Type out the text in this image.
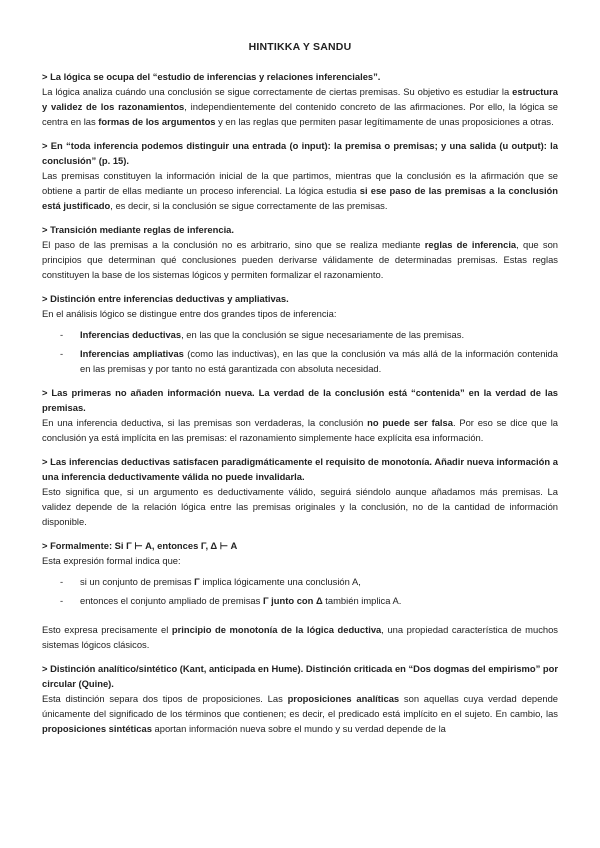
HINTIKKA Y SANDU

> La lógica se ocupa del “estudio de inferencias y relaciones inferenciales”.

La lógica analiza cuándo una conclusión se sigue correctamente de ciertas premisas. Su objetivo es estudiar la estructura y validez de los razonamientos, independientemente del contenido concreto de las afirmaciones. Por ello, la lógica se centra en las formas de los argumentos y en las reglas que permiten pasar legítimamente de unas proposiciones a otras.

> En “toda inferencia podemos distinguir una entrada (o input): la premisa o premisas; y una salida (u output): la conclusión” (p. 15).

Las premisas constituyen la información inicial de la que partimos, mientras que la conclusión es la afirmación que se obtiene a partir de ellas mediante un proceso inferencial. La lógica estudia si ese paso de las premisas a la conclusión está justificado, es decir, si la conclusión se sigue correctamente de las premisas.

> Transición mediante reglas de inferencia.

El paso de las premisas a la conclusión no es arbitrario, sino que se realiza mediante reglas de inferencia, que son principios que determinan qué conclusiones pueden derivarse válidamente de determinadas premisas. Estas reglas constituyen la base de los sistemas lógicos y permiten formalizar el razonamiento.

> Distinción entre inferencias deductivas y ampliativas.

En el análisis lógico se distingue entre dos grandes tipos de inferencia:

- Inferencias deductivas, en las que la conclusión se sigue necesariamente de las premisas.
- Inferencias ampliativas (como las inductivas), en las que la conclusión va más allá de la información contenida en las premisas y por tanto no está garantizada con absoluta necesidad.

> Las primeras no añaden información nueva. La verdad de la conclusión está “contenida” en la verdad de las premisas.

En una inferencia deductiva, si las premisas son verdaderas, la conclusión no puede ser falsa. Por eso se dice que la conclusión ya está implícita en las premisas: el razonamiento simplemente hace explícita esa información.

> Las inferencias deductivas satisfacen paradigmáticamente el requisito de monotonía. Añadir nueva información a una inferencia deductivamente válida no puede invalidarla.

Esto significa que, si un argumento es deductivamente válido, seguirá siéndolo aunque añadamos más premisas. La validez depende de la relación lógica entre las premisas originales y la conclusión, no de la cantidad de información disponible.

> Formalmente: Si Γ ⊢ A, entonces Γ, Δ ⊢ A

Esta expresión formal indica que:

- si un conjunto de premisas Γ implica lógicamente una conclusión A,
- entonces el conjunto ampliado de premisas Γ junto con Δ también implica A.

Esto expresa precisamente el principio de monotonía de la lógica deductiva, una propiedad característica de muchos sistemas lógicos clásicos.

> Distinción analítico/sintético (Kant, anticipada en Hume). Distinción criticada en “Dos dogmas del empirismo” por circular (Quine).

Esta distinción separa dos tipos de proposiciones. Las proposiciones analíticas son aquellas cuya verdad depende únicamente del significado de los términos que contienen; es decir, el predicado está implícito en el sujeto. En cambio, las proposiciones sintéticas aportan información nueva sobre el mundo y su verdad depende de la
